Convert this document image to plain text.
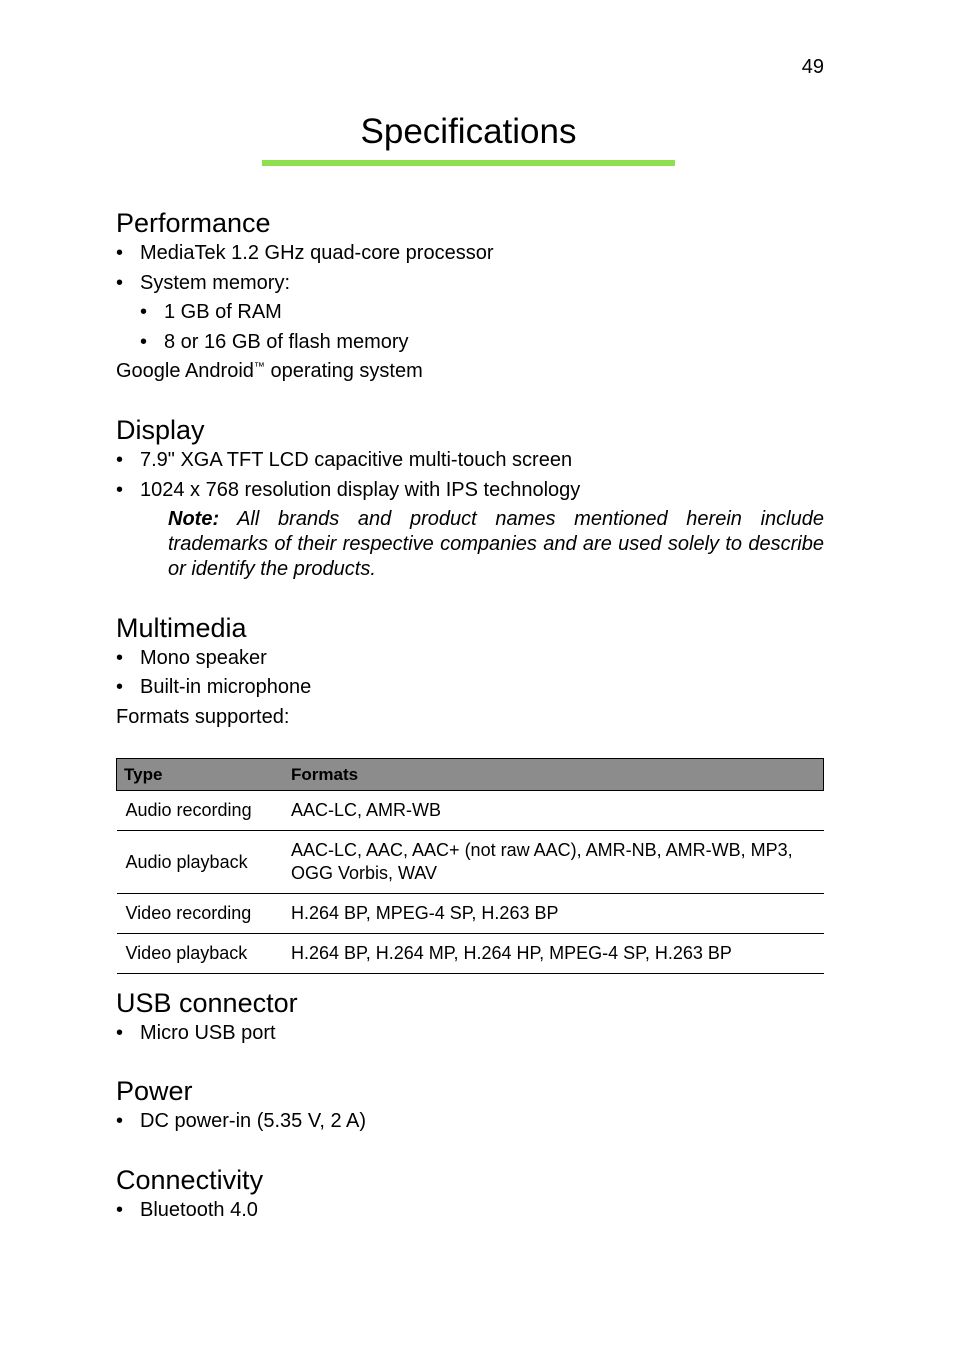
49
Specifications
Performance
• MediaTek 1.2 GHz quad-core processor
• System memory:
• 1 GB of RAM
• 8 or 16 GB of flash memory
Google Android™ operating system
Display
• 7.9" XGA TFT LCD capacitive multi-touch screen
• 1024 x 768 resolution display with IPS technology
Note: All brands and product names mentioned herein include trademarks of their respective companies and are used solely to describe or identify the products.
Multimedia
• Mono speaker
• Built-in microphone
Formats supported:
Type	Formats
Audio recording	AAC-LC, AMR-WB
Audio playback	AAC-LC, AAC, AAC+ (not raw AAC), AMR-NB, AMR-WB, MP3, OGG Vorbis, WAV
Video recording	H.264 BP, MPEG-4 SP, H.263 BP
Video playback	H.264 BP, H.264 MP, H.264 HP, MPEG-4 SP, H.263 BP
USB connector
• Micro USB port
Power
• DC power-in (5.35 V, 2 A)
Connectivity
• Bluetooth 4.0
